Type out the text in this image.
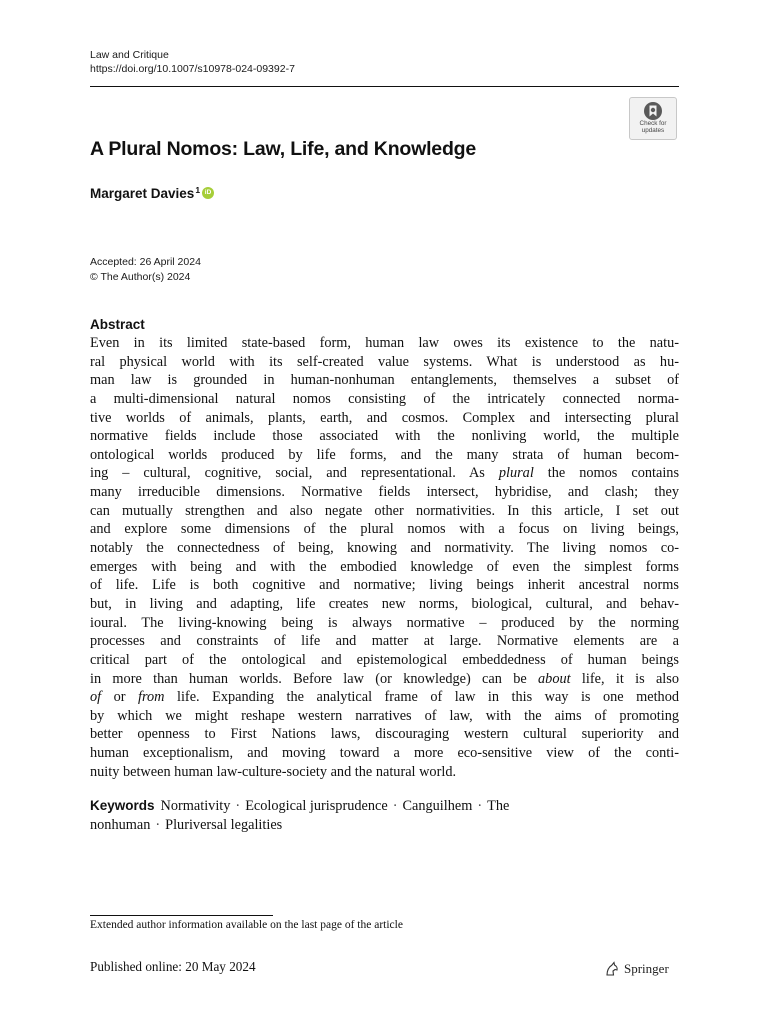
Law and Critique
https://doi.org/10.1007/s10978-024-09392-7
Check for
updates
A Plural Nomos: Law, Life, and Knowledge
Margaret Davies$^1$ iD
Accepted: 26 April 2024
© The Author(s) 2024
Abstract
Even in its limited state-based form, human law owes its existence to the natu-
ral physical world with its self-created value systems. What is understood as hu-
man law is grounded in human-nonhuman entanglements, themselves a subset of
a multi-dimensional natural nomos consisting of the intricately connected norma-
tive worlds of animals, plants, earth, and cosmos. Complex and intersecting plural
normative fields include those associated with the nonliving world, the multiple
ontological worlds produced by life forms, and the many strata of human becom-
ing – cultural, cognitive, social, and representational. As plural the nomos contains
many irreducible dimensions. Normative fields intersect, hybridise, and clash; they
can mutually strengthen and also negate other normativities. In this article, I set out
and explore some dimensions of the plural nomos with a focus on living beings,
notably the connectedness of being, knowing and normativity. The living nomos co-
emerges with being and with the embodied knowledge of even the simplest forms
of life. Life is both cognitive and normative; living beings inherit ancestral norms
but, in living and adapting, life creates new norms, biological, cultural, and behav-
ioural. The living-knowing being is always normative – produced by the norming
processes and constraints of life and matter at large. Normative elements are a
critical part of the ontological and epistemological embeddedness of human beings
in more than human worlds. Before law (or knowledge) can be about life, it is also
of or from life. Expanding the analytical frame of law in this way is one method
by which we might reshape western narratives of law, with the aims of promoting
better openness to First Nations laws, discouraging western cultural superiority and
human exceptionalism, and moving toward a more eco-sensitive view of the conti-
nuity between human law-culture-society and the natural world.
Keywords Normativity · Ecological jurisprudence · Canguilhem · The
nonhuman · Pluriversal legalities
Extended author information available on the last page of the article
Published online: 20 May 2024	Springer
